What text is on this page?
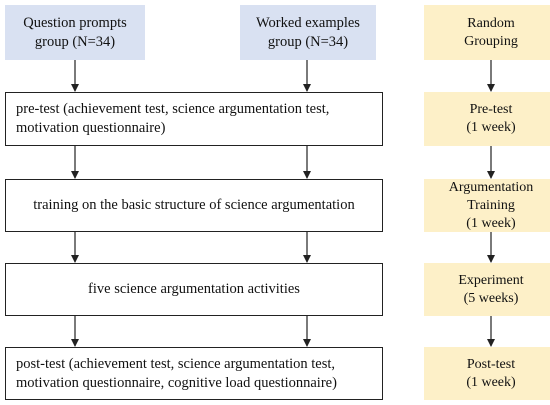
Question prompts
group (N=34)
Worked examples
group (N=34)
pre-test (achievement test, science argumentation test,
motivation questionnaire)
training on the basic structure of science argumentation
five science argumentation activities
post-test (achievement test, science argumentation test,
motivation questionnaire, cognitive load questionnaire)
Random
Grouping
Pre-test
(1 week)
Argumentation
Training
(1 week)
Experiment
(5 weeks)
Post-test
(1 week)
